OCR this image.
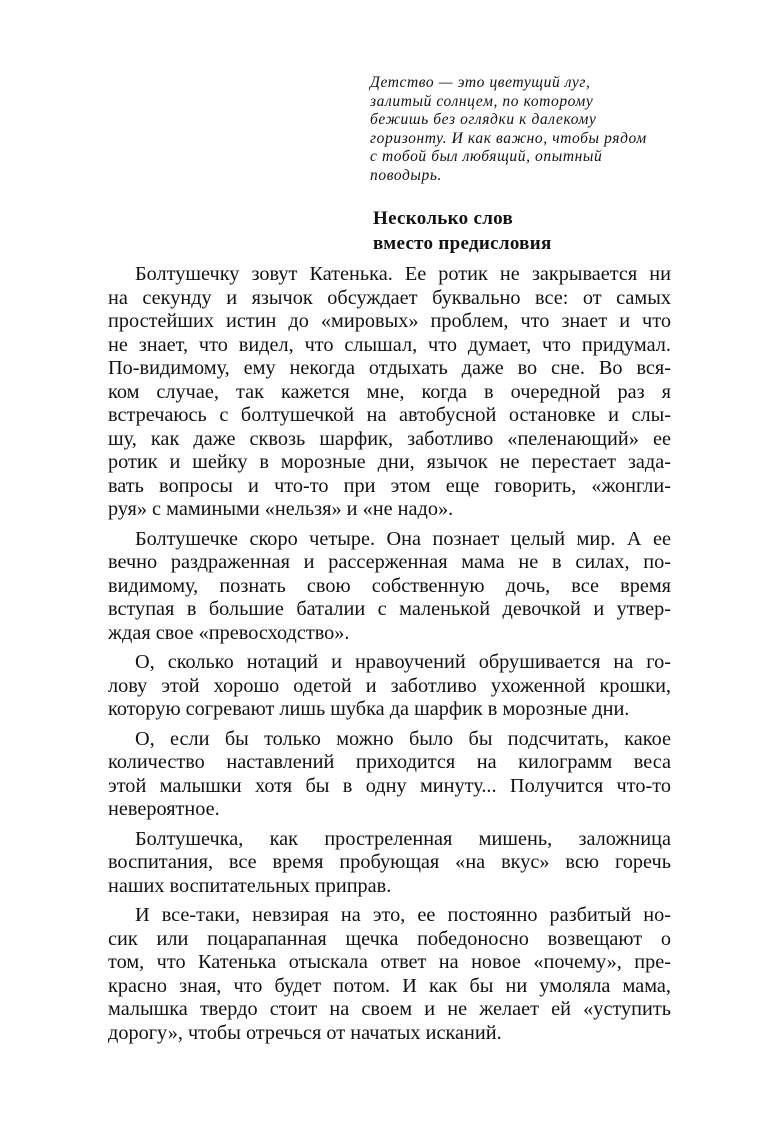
Детство — это цветущий луг,

залитый солнцем, по которому

бежишь без оглядки к далекому

горизонту. И как важно, чтобы рядом

с тобой был любящий, опытный

поводырь.

Несколько слов
вместо предисловия
Болтушечку зовут Катенька. Ее ротик не закрывается ни
на секунду и язычок обсуждает буквально все: от самых
простейших истин до «мировых» проблем, что знает и что
не знает, что видел, что слышал, что думает, что придумал.
По-видимому, ему некогда отдыхать даже во сне. Во вся-
ком случае, так кажется мне, когда в очередной раз я
встречаюсь с болтушечкой на автобусной остановке и слы-
шу, как даже сквозь шарфик, заботливо «пеленающий» ее
ротик и шейку в морозные дни, язычок не перестает зада-
вать вопросы и что-то при этом еще говорить, «жонгли-
руя» с мамиными «нельзя» и «не надо».
Болтушечке скоро четыре. Она познает целый мир. А ее
вечно раздраженная и рассерженная мама не в силах, по-
видимому, познать свою собственную дочь, все время
вступая в большие баталии с маленькой девочкой и утвер-
ждая свое «превосходство».
О, сколько нотаций и нравоучений обрушивается на го-
лову этой хорошо одетой и заботливо ухоженной крошки,
которую согревают лишь шубка да шарфик в морозные дни.
О, если бы только можно было бы подсчитать, какое
количество наставлений приходится на килограмм веса
этой малышки хотя бы в одну минуту... Получится что-то
невероятное.
Болтушечка, как простреленная мишень, заложница
воспитания, все время пробующая «на вкус» всю горечь
наших воспитательных приправ.
И все-таки, невзирая на это, ее постоянно разбитый но-
сик или поцарапанная щечка победоносно возвещают о
том, что Катенька отыскала ответ на новое «почему», пре-
красно зная, что будет потом. И как бы ни умоляла мама,
малышка твердо стоит на своем и не желает ей «уступить
дорогу», чтобы отречься от начатых исканий.
